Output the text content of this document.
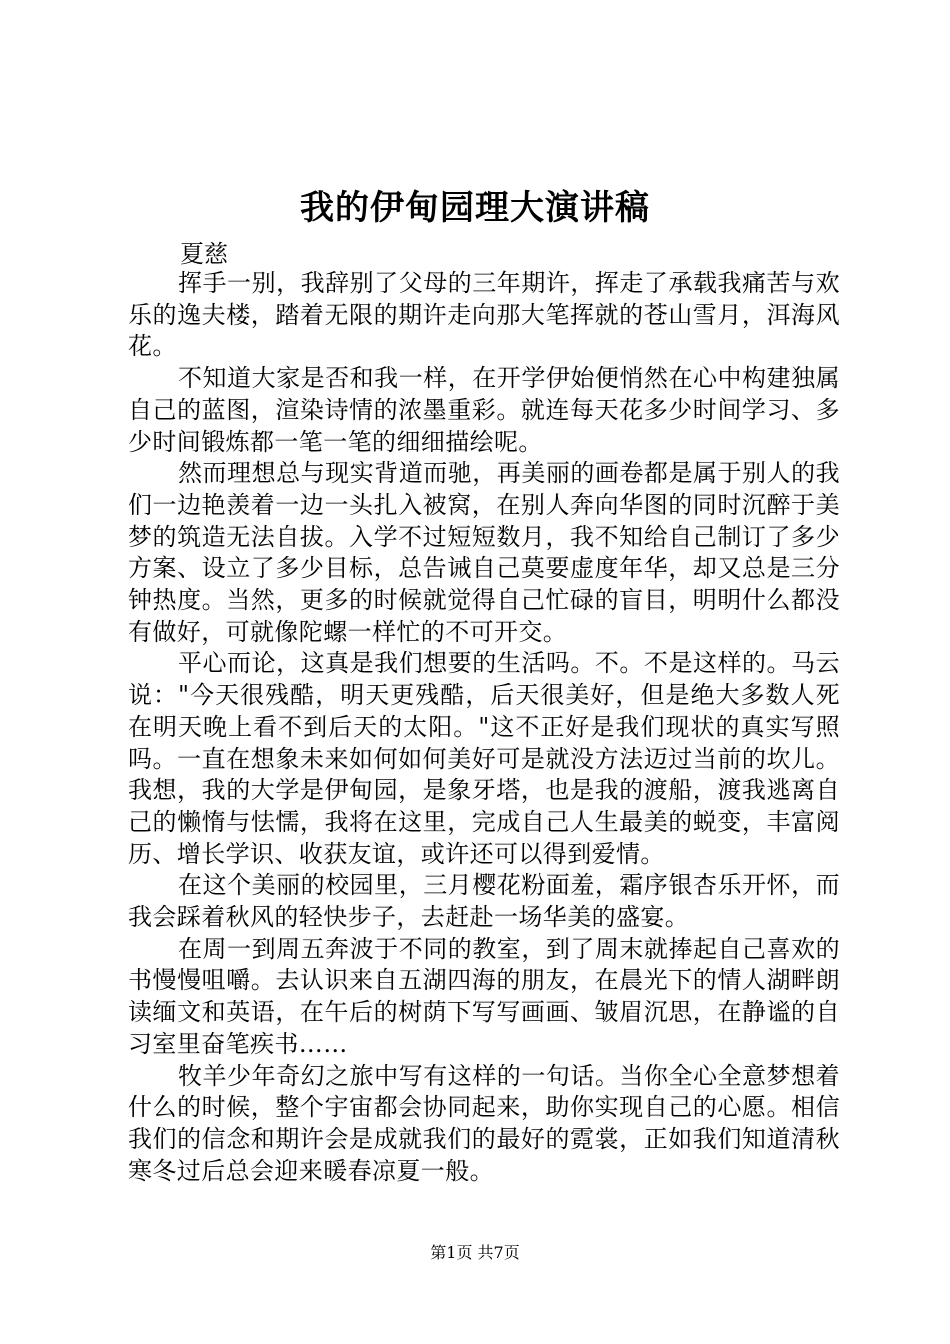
我的伊甸园理大演讲稿
夏慈

挥手一别，我辞别了父母的三年期许，挥走了承载我痛苦与欢乐的逸夫楼，踏着无限的期许走向那大笔挥就的苍山雪月，洱海风花。

不知道大家是否和我一样，在开学伊始便悄然在心中构建独属自己的蓝图，渲染诗情的浓墨重彩。就连每天花多少时间学习、多少时间锻炼都一笔一笔的细细描绘呢。

然而理想总与现实背道而驰，再美丽的画卷都是属于别人的我们一边艳羡着一边一头扎入被窝，在别人奔向华图的同时沉醉于美梦的筑造无法自拔。入学不过短短数月，我不知给自己制订了多少方案、设立了多少目标，总告诫自己莫要虚度年华，却又总是三分钟热度。当然，更多的时候就觉得自己忙碌的盲目，明明什么都没有做好，可就像陀螺一样忙的不可开交。

平心而论，这真是我们想要的生活吗。不。不是这样的。马云说："今天很残酷，明天更残酷，后天很美好，但是绝大多数人死在明天晚上看不到后天的太阳。"这不正好是我们现状的真实写照吗。一直在想象未来如何如何美好可是就没方法迈过当前的坎儿。我想，我的大学是伊甸园，是象牙塔，也是我的渡船，渡我逃离自己的懒惰与怯懦，我将在这里，完成自己人生最美的蜕变，丰富阅历、增长学识、收获友谊，或许还可以得到爱情。

在这个美丽的校园里，三月樱花粉面羞，霜序银杏乐开怀，而我会踩着秋风的轻快步子，去赶赴一场华美的盛宴。

在周一到周五奔波于不同的教室，到了周末就捧起自己喜欢的书慢慢咀嚼。去认识来自五湖四海的朋友，在晨光下的情人湖畔朗读缅文和英语，在午后的树荫下写写画画、皱眉沉思，在静谧的自习室里奋笔疾书……

牧羊少年奇幻之旅中写有这样的一句话。当你全心全意梦想着什么的时候，整个宇宙都会协同起来，助你实现自己的心愿。相信我们的信念和期许会是成就我们的最好的霓裳，正如我们知道清秋寒冬过后总会迎来暖春凉夏一般。

第1页 共7页
